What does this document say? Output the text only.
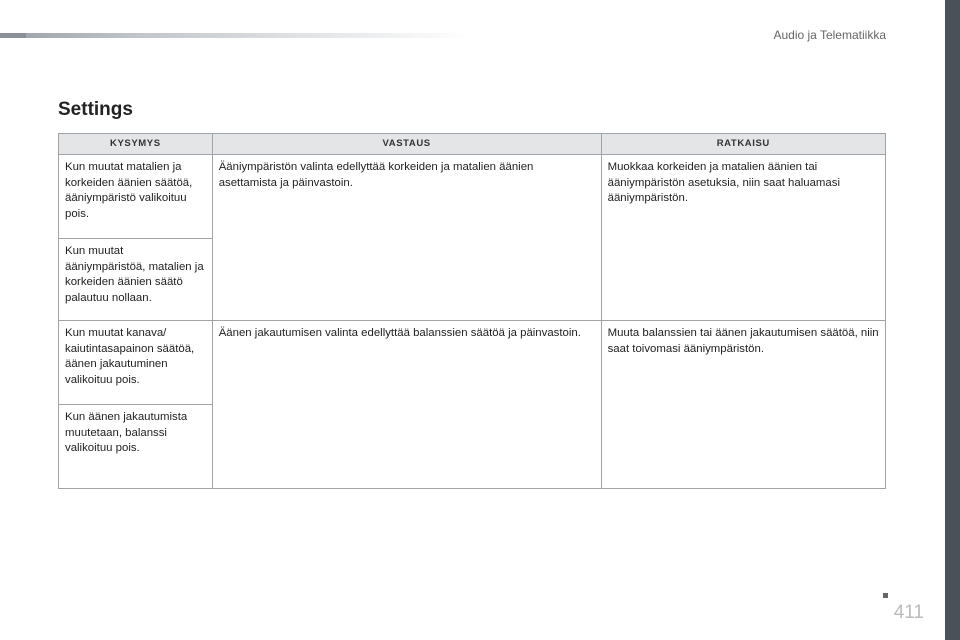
Audio ja Telematiikka
Settings
KYSYMYS	VASTAUS	RATKAISU
Kun muutat matalien ja korkeiden äänien säätöä, ääniympäristö valikoituu pois.	Ääniympäristön valinta edellyttää korkeiden ja matalien äänien asettamista ja päinvastoin.	Muokkaa korkeiden ja matalien äänien tai ääniympäristön asetuksia, niin saat haluamasi ääniympäristön.
Kun muutat ääniympäristöä, matalien ja korkeiden äänien säätö palautuu nollaan.		
Kun muutat kanava/ kaiutintasapainon säätöä, äänen jakautuminen valikoituu pois.	Äänen jakautumisen valinta edellyttää balanssien säätöä ja päinvastoin.	Muuta balanssien tai äänen jakautumisen säätöä, niin saat toivomasi ääniympäristön.
Kun äänen jakautumista muutetaan, balanssi valikoituu pois.		
411
